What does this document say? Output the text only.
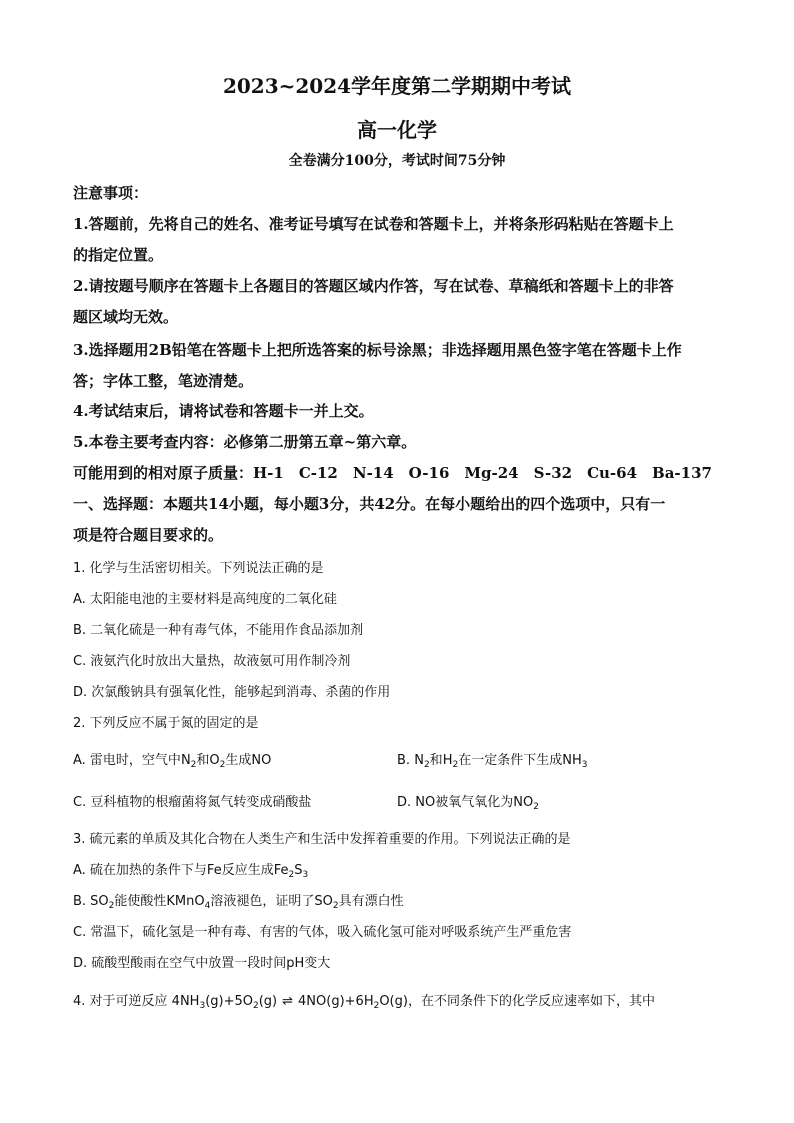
2023~2024学年度第二学期期中考试
高一化学
全卷满分100分，考试时间75分钟
注意事项：
1.答题前，先将自己的姓名、准考证号填写在试卷和答题卡上，并将条形码粘贴在答题卡上
的指定位置。
2.请按题号顺序在答题卡上各题目的答题区域内作答，写在试卷、草稿纸和答题卡上的非答
题区域均无效。
3.选择题用2B铅笔在答题卡上把所选答案的标号涂黑；非选择题用黑色签字笔在答题卡上作
答；字体工整，笔迹清楚。
4.考试结束后，请将试卷和答题卡一并上交。
5.本卷主要考查内容：必修第二册第五章~第六章。
可能用到的相对原子质量：H-1　C-12　N-14　O-16　Mg-24　S-32　Cu-64　Ba-137
一、选择题：本题共14小题，每小题3分，共42分。在每小题给出的四个选项中，只有一
项是符合题目要求的。
1. 化学与生活密切相关。下列说法正确的是
A. 太阳能电池的主要材料是高纯度的二氧化硅
B. 二氧化硫是一种有毒气体，不能用作食品添加剂
C. 液氨汽化时放出大量热，故液氨可用作制冷剂
D. 次氯酸钠具有强氧化性，能够起到消毒、杀菌的作用
2. 下列反应不属于氮的固定的是
A. 雷电时，空气中$N_2$和$O_2$生成NO	B. $N_2$和$H_2$在一定条件下生成$NH_3$
C. 豆科植物的根瘤菌将氮气转变成硝酸盐	D. NO被氧气氧化为$NO_2$
3. 硫元素的单质及其化合物在人类生产和生活中发挥着重要的作用。下列说法正确的是
A. 硫在加热的条件下与Fe反应生成$Fe_2S_3$
B. $SO_2$能使酸性KMnO$_4$溶液褪色，证明了$SO_2$具有漂白性
C. 常温下，硫化氢是一种有毒、有害的气体，吸入硫化氢可能对呼吸系统产生严重危害
D. 硫酸型酸雨在空气中放置一段时间pH变大
4. 对于可逆反应 $4NH_3(g)+5O_2(g)$ ⇌ $4NO(g)+6H_2O(g)$，在不同条件下的化学反应速率如下，其中
